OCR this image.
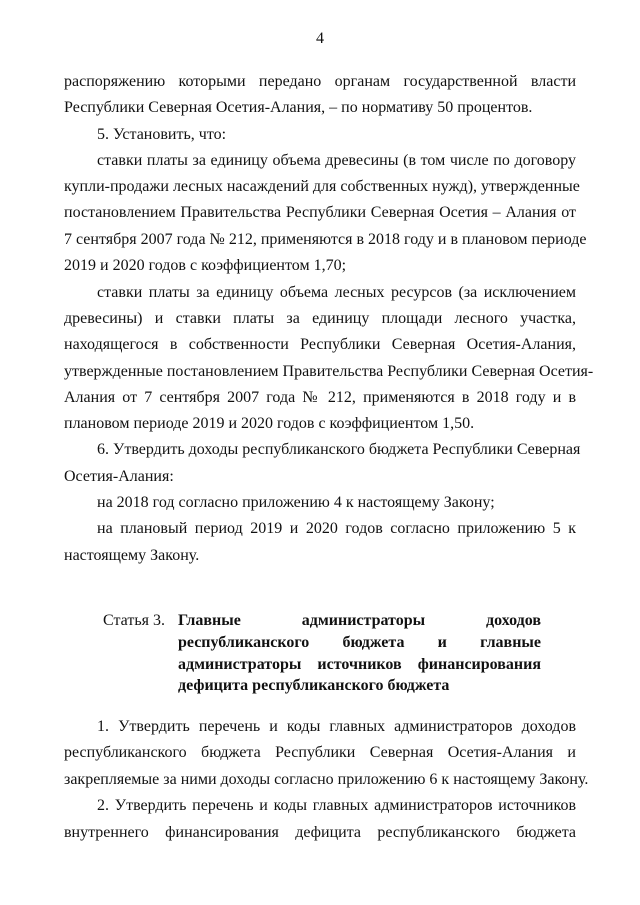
4
распоряжению которыми передано органам государственной власти
Республики Северная Осетия-Алания, – по нормативу 50 процентов.
5. Установить, что:
ставки платы за единицу объема древесины (в том числе по договору
купли-продажи лесных насаждений для собственных нужд), утвержденные
постановлением Правительства Республики Северная Осетия – Алания от
7 сентября 2007 года № 212, применяются в 2018 году и в плановом периоде
2019 и 2020 годов с коэффициентом 1,70;
ставки платы за единицу объема лесных ресурсов (за исключением
древесины) и ставки платы за единицу площади лесного участка,
находящегося в собственности Республики Северная Осетия-Алания,
утвержденные постановлением Правительства Республики Северная Осетия-
Алания от 7 сентября 2007 года № 212, применяются в 2018 году и в
плановом периоде 2019 и 2020 годов с коэффициентом 1,50.
6. Утвердить доходы республиканского бюджета Республики Северная
Осетия-Алания:
на 2018 год согласно приложению 4 к настоящему Закону;
на плановый период 2019 и 2020 годов согласно приложению 5 к
настоящему Закону.
Статья 3. Главные администраторы доходов
республиканского бюджета и главные
администраторы источников финансирования
дефицита республиканского бюджета
1. Утвердить перечень и коды главных администраторов доходов
республиканского бюджета Республики Северная Осетия-Алания и
закрепляемые за ними доходы согласно приложению 6 к настоящему Закону.
2. Утвердить перечень и коды главных администраторов источников
внутреннего финансирования дефицита республиканского бюджета
